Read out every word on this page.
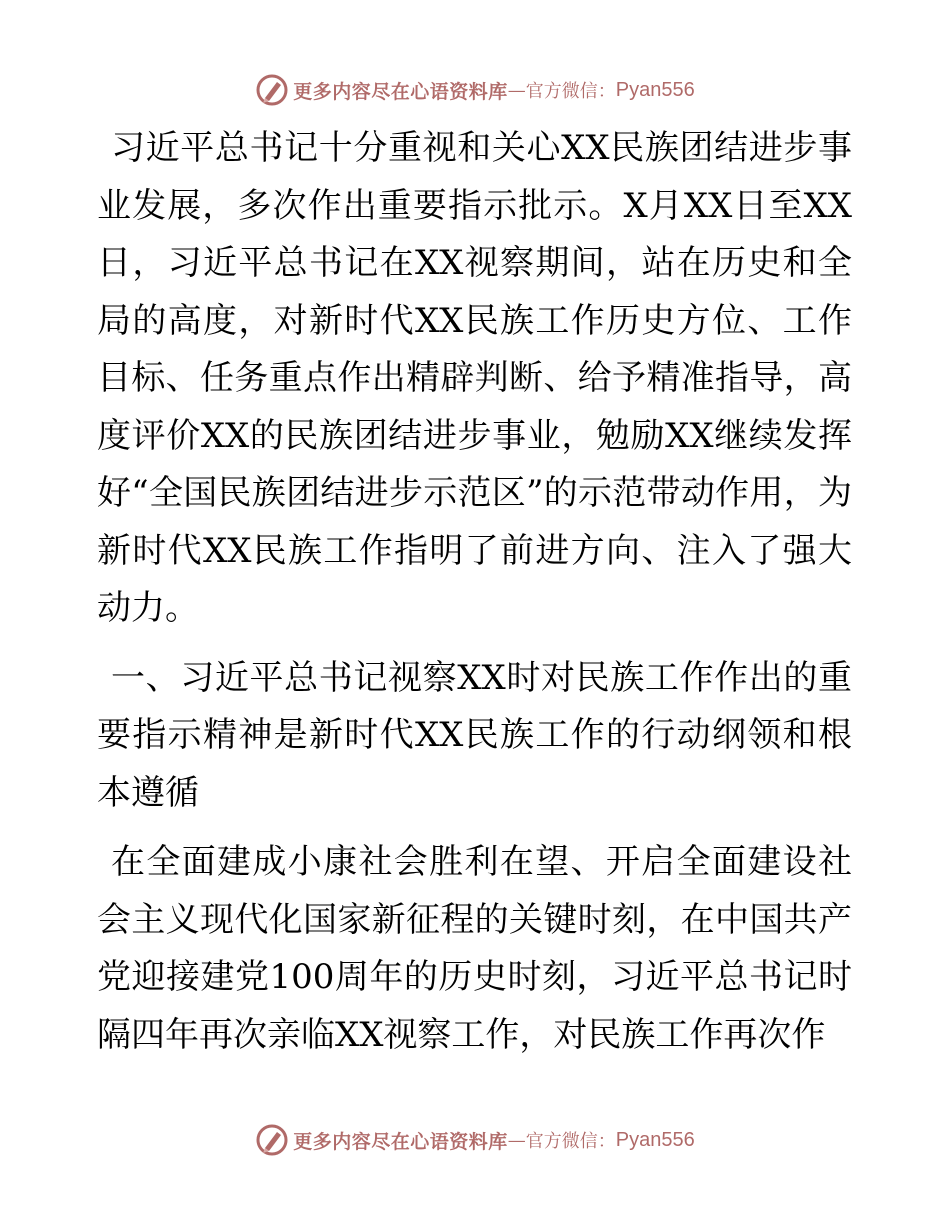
更多内容尽在心语资料库 — 官方微信： Pyan556

习近平总书记十分重视和关心XX民族团结进步事业发展，多次作出重要指示批示。X月XX日至XX日，习近平总书记在XX视察期间，站在历史和全局的高度，对新时代XX民族工作历史方位、工作目标、任务重点作出精辟判断、给予精准指导，高度评价XX的民族团结进步事业，勉励XX继续发挥好“全国民族团结进步示范区”的示范带动作用，为新时代XX民族工作指明了前进方向、注入了强大动力。

一、习近平总书记视察XX时对民族工作作出的重要指示精神是新时代XX民族工作的行动纲领和根本遵循

在全面建成小康社会胜利在望、开启全面建设社会主义现代化国家新征程的关键时刻，在中国共产党迎接建党100周年的历史时刻，习近平总书记时隔四年再次亲临XX视察工作，对民族工作再次作

更多内容尽在心语资料库 — 官方微信： Pyan556
